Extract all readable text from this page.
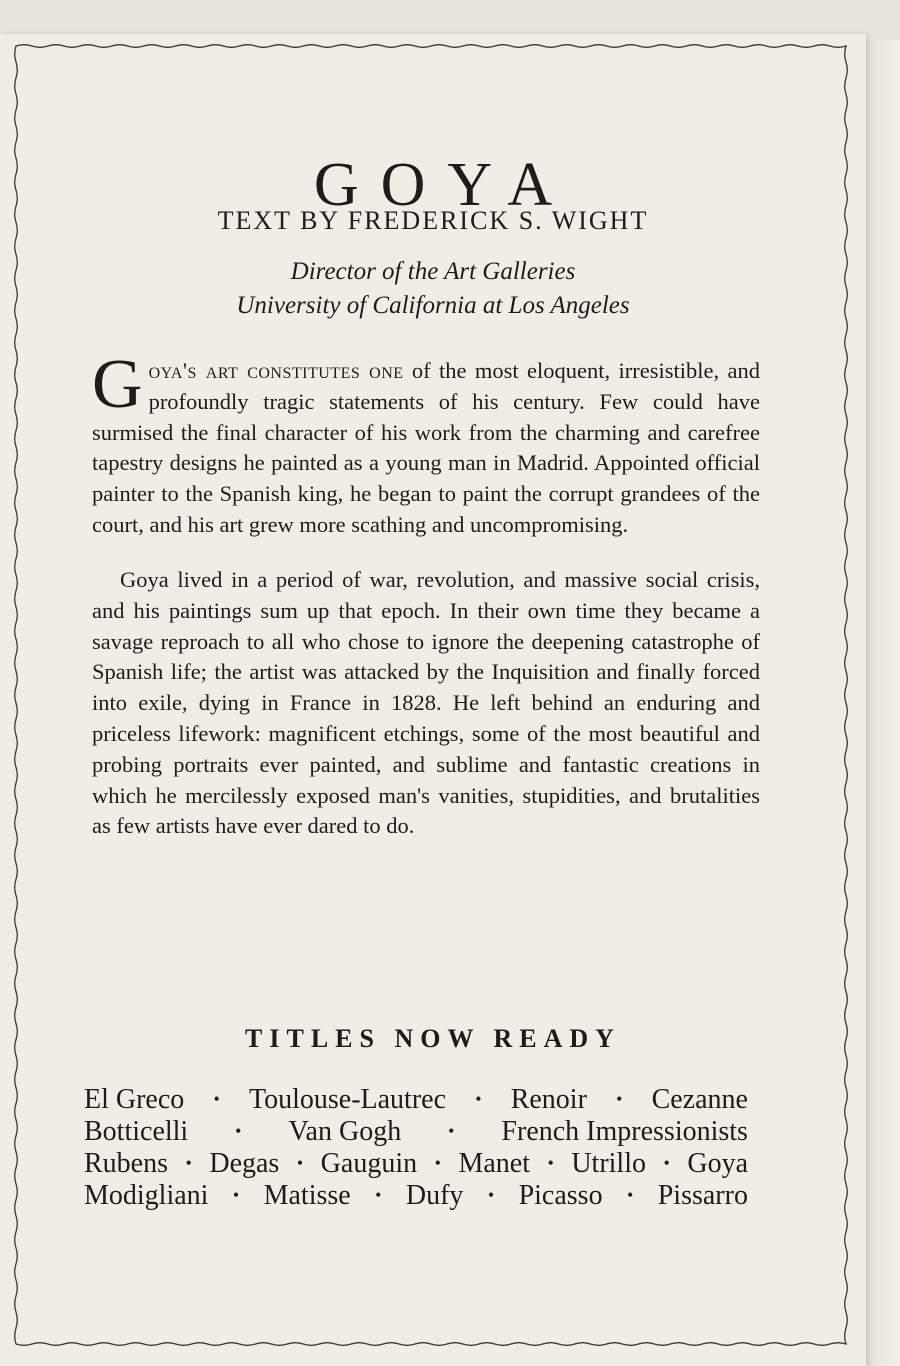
GOYA
TEXT BY FREDERICK S. WIGHT
Director of the Art Galleries
University of California at Los Angeles

Goya's art constitutes one of the most eloquent, irresistible, and profoundly tragic statements of his century. Few could have surmised the final character of his work from the charming and carefree tapestry designs he painted as a young man in Madrid. Appointed official painter to the Spanish king, he began to paint the corrupt grandees of the court, and his art grew more scathing and uncompromising.

Goya lived in a period of war, revolution, and massive social crisis, and his paintings sum up that epoch. In their own time they became a savage reproach to all who chose to ignore the deepening catastrophe of Spanish life; the artist was attacked by the Inquisition and finally forced into exile, dying in France in 1828. He left behind an enduring and priceless lifework: magnificent etchings, some of the most beautiful and probing portraits ever painted, and sublime and fantastic creations in which he mercilessly exposed man's vanities, stupidities, and brutalities as few artists have ever dared to do.

TITLES NOW READY
El Greco • Toulouse-Lautrec • Renoir • Cezanne
Botticelli	• Van Gogh	• French Impressionists
Rubens • Degas • Gauguin • Manet • Utrillo • Goya
Modigliani • Matisse • Dufy • Picasso • Pissarro
